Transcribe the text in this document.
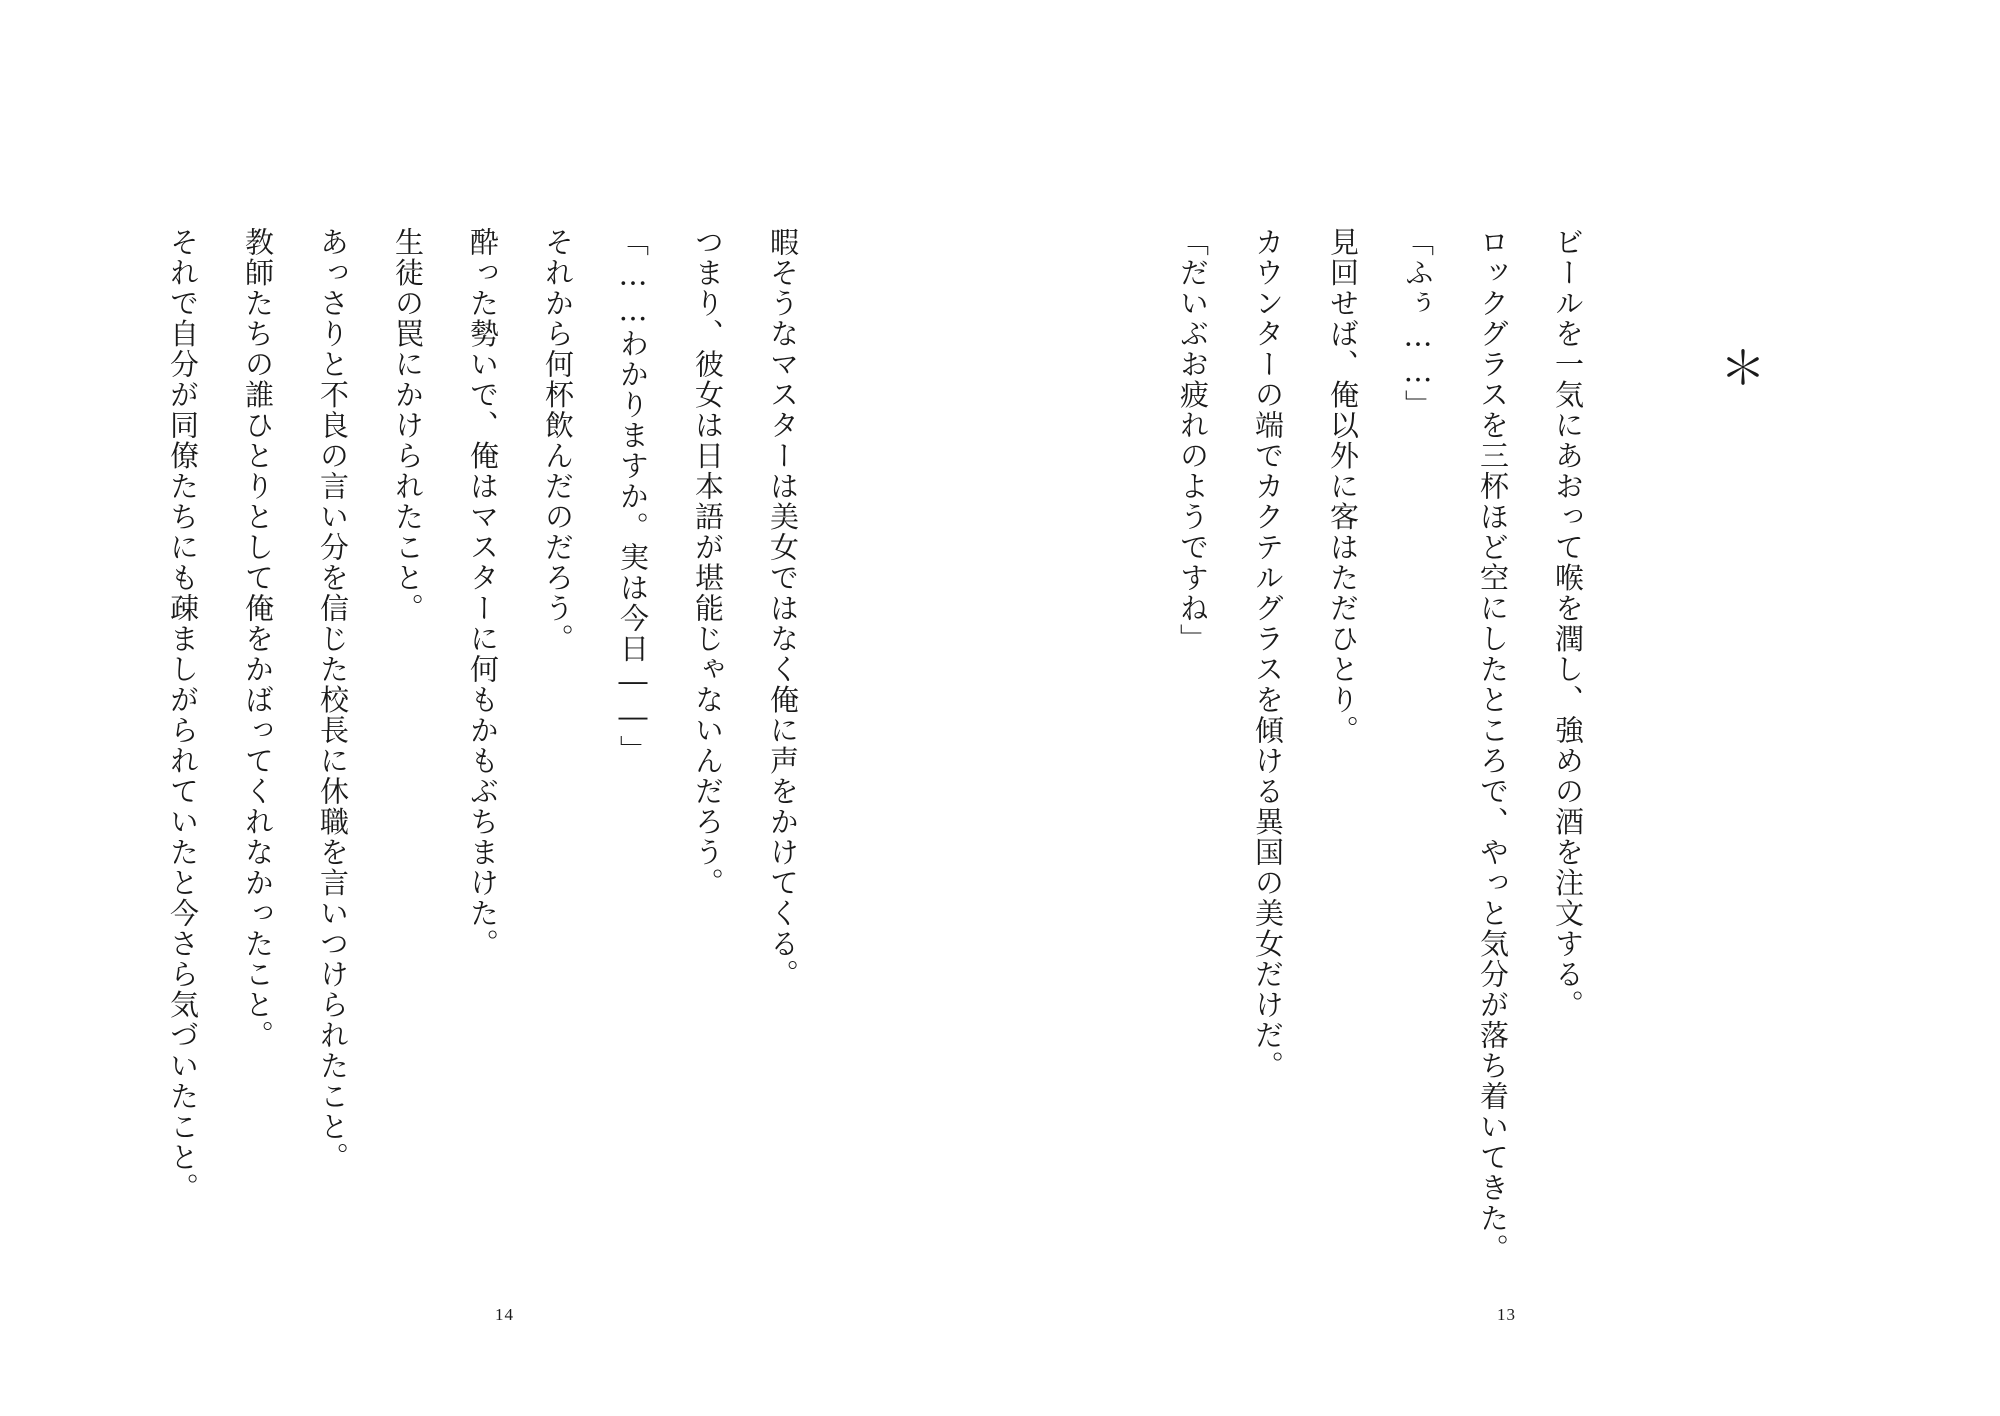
暇そうなマスターは美女ではなく俺に声をかけてくる。
つまり、彼女は日本語が堪能じゃないんだろう。
「……わかりますか。実は今日――」
それから何杯飲んだのだろう。
酔った勢いで、俺はマスターに何もかもぶちまけた。
生徒の罠にかけられたこと。
あっさりと不良の言い分を信じた校長に休職を言いつけられたこと。
教師たちの誰ひとりとして俺をかばってくれなかったこと。
それで自分が同僚たちにも疎ましがられていたと今さら気づいたこと。	ビールを一気にあおって喉を潤し、強めの酒を注文する。
ロックグラスを三杯ほど空にしたところで、やっと気分が落ち着いてきた。
「ふぅ……」
見回せば、俺以外に客はただひとり。
カウンターの端でカクテルグラスを傾ける異国の美女だけだ。
「だいぶお疲れのようですね」	＊
14	13
